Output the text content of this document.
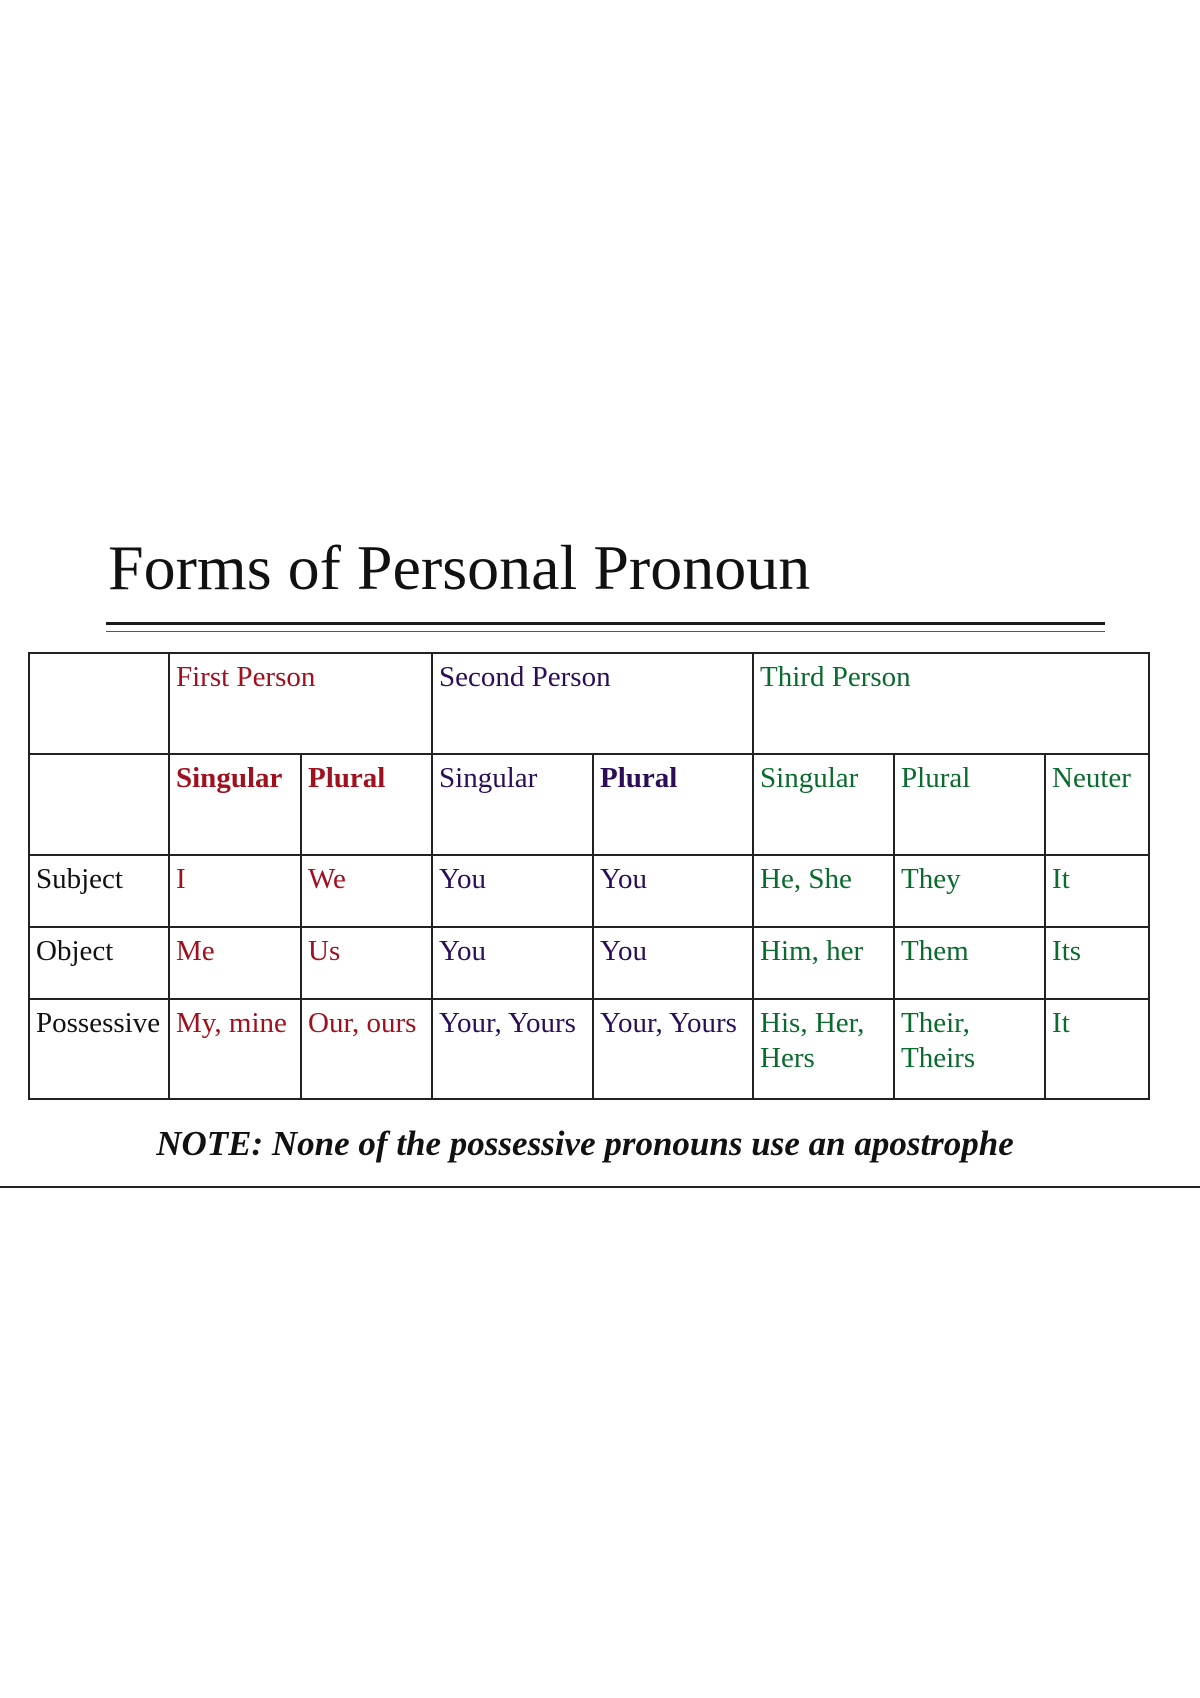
Forms of Personal Pronoun
	First Person		Second Person		Third Person		
	Singular	Plural	Singular	Plural	Singular	Plural	Neuter
Subject	I	We	You	You	He, She	They	It
Object	Me	Us	You	You	Him, her	Them	Its
Possessive	My, mine	Our, ours	Your, Yours	Your, Yours	His, Her, Hers	Their, Theirs	It

NOTE: None of the possessive pronouns use an apostrophe
